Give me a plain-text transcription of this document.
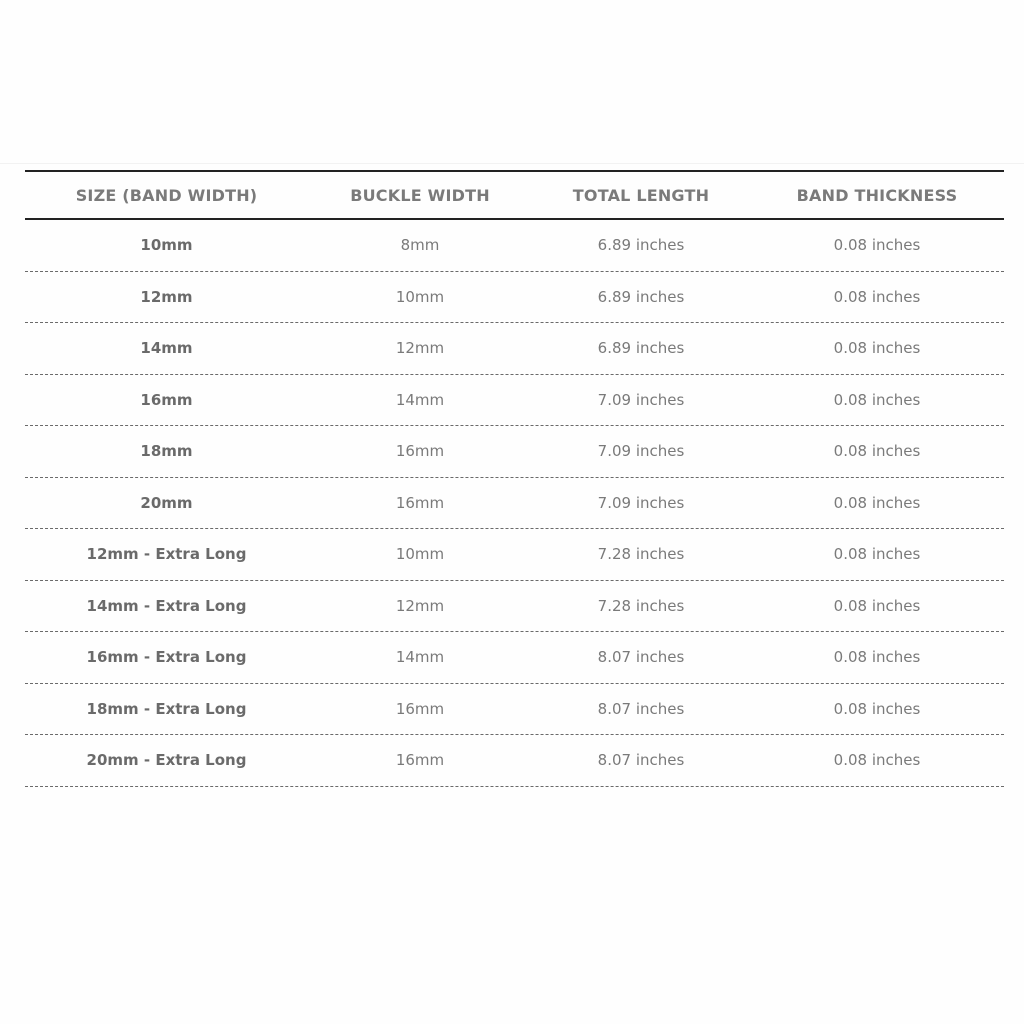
SIZE (BAND WIDTH)	BUCKLE WIDTH	TOTAL LENGTH	BAND THICKNESS
10mm	8mm	6.89 inches	0.08 inches
12mm	10mm	6.89 inches	0.08 inches
14mm	12mm	6.89 inches	0.08 inches
16mm	14mm	7.09 inches	0.08 inches
18mm	16mm	7.09 inches	0.08 inches
20mm	16mm	7.09 inches	0.08 inches
12mm - Extra Long	10mm	7.28 inches	0.08 inches
14mm - Extra Long	12mm	7.28 inches	0.08 inches
16mm - Extra Long	14mm	8.07 inches	0.08 inches
18mm - Extra Long	16mm	8.07 inches	0.08 inches
20mm - Extra Long	16mm	8.07 inches	0.08 inches
